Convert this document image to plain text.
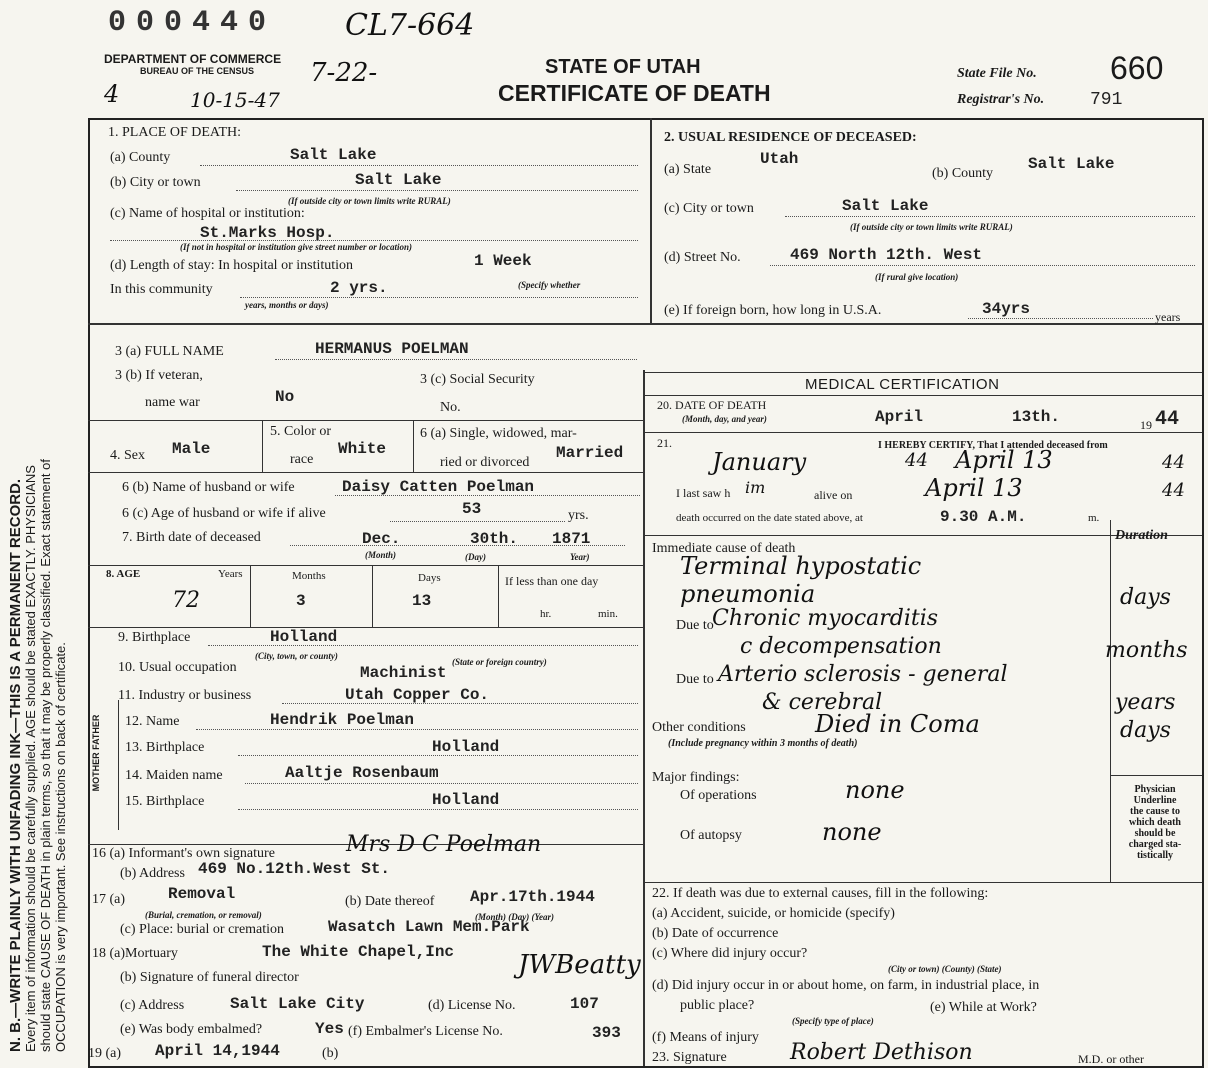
000440 CL7-664
7-22-
4	10-15-47
DEPARTMENT OF COMMERCE
BUREAU OF THE CENSUS	STATE OF UTAH
CERTIFICATE OF DEATH
State File No. 660
Registrar's No.	791
N. B.—WRITE PLAINLY WITH UNFADING INK—THIS IS A PERMANENT RECORD. Every item of information should be carefully supplied. AGE should be stated EXACTLY. PHYSICIANS should state CAUSE OF DEATH in plain terms, so that it may be properly classified. Exact statement of OCCUPATION is very important. See instructions on back of certificate.	MOTHER FATHER
1. PLACE OF DEATH:
(a) County	Salt Lake
(b) City or town	Salt Lake
(If outside city or town limits write RURAL)
(c) Name of hospital or institution:
St.Marks Hosp.
(If not in hospital or institution give street number or location)
(d) Length of stay: In hospital or institution	1 Week
In this community	2 yrs.	(Specify whether
years, months or days)
2. USUAL RESIDENCE OF DECEASED:
(a) State
Utah
(b) County
Salt Lake
(c) City or town	Salt Lake
(If outside city or town limits write RURAL)
(d) Street No.	469 North 12th. West
(If rural give location)
(e) If foreign born, how long in U.S.A.	34yrs	years
3 (a) FULL NAME	HERMANUS POELMAN
3 (b) If veteran,
name war	No
3 (c) Social Security
No.
4. Sex Male
5. Color or
race
White
6 (a) Single, widowed, mar-
ried or divorced
Married
6 (b) Name of husband or wife	Daisy Catten Poelman
6 (c) Age of husband or wife if alive	53	yrs.
7. Birth date of deceased	Dec.	30th. 1871
(Month)	(Day)	Year)
8. AGE	Years	Months	Days	If less than one day
72	3	13
hr.	min.
9. Birthplace	Holland
(City, town, or county)
(State or foreign country)
10. Usual occupation	Machinist
11. Industry or business	Utah Copper Co.
12. Name	Hendrik Poelman
13. Birthplace	Holland
14. Maiden name	Aaltje Rosenbaum
15. Birthplace	Holland
16 (a) Informant's own signature	Mrs D C Poelman
(b) Address 469 No.12th.West St.
17 (a)	Removal
(Burial, cremation, or removal)
(b) Date thereof Apr.17th.1944
(Month) (Day) (Year)
(c) Place: burial or cremation	Wasatch Lawn Mem.Park
18 (a)Mortuary	The White Chapel,Inc
(b) Signature of funeral director	JWBeatty
(c) Address	Salt Lake City	(d) License No.	107
(e) Was body embalmed?	Yes (f) Embalmer's License No.	393
19 (a) April 14,1944	(b)
MEDICAL CERTIFICATION
20. DATE OF DEATH
(Month, day, and year)	April	13th.	19 44
21.	I HEREBY CERTIFY, That I attended deceased from
January	44 April 13	44
I last saw h im	alive on	April 13	44
death occurred on the date stated above, at	9.30 A.M.	m.
Duration
Immediate cause of death
Terminal hypostatic
pneumonia
Due to
Chronic myocarditis
c decompensation
Due to Arterio sclerosis - general
& cerebral
Other conditions	Died in Coma
(Include pregnancy within 3 months of death)
days
months
years
days
Major findings:
Of operations	none
Of autopsy	none
Physician
Underline
the cause to
which death
should be
charged sta-
tistically
22. If death was due to external causes, fill in the following:
(a) Accident, suicide, or homicide (specify)
(b) Date of occurrence
(c) Where did injury occur?
(City or town) (County) (State)
(d) Did injury occur in or about home, on farm, in industrial place, in
public place?
(Specify type of place)
(e) While at Work?
(f) Means of injury
23. Signature	Robert Dethison	M.D. or other
